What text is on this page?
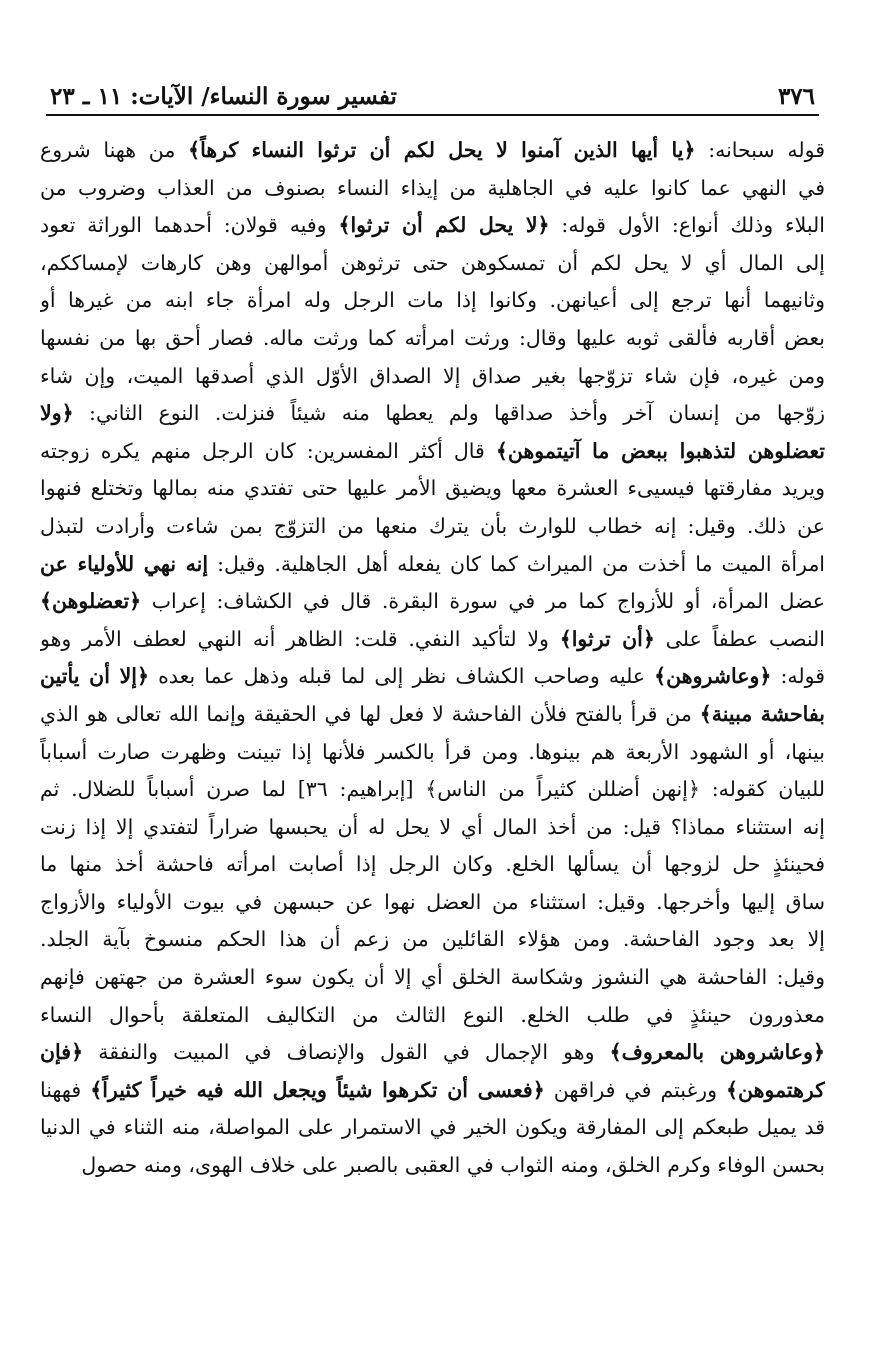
٣٧٦
تفسير سورة النساء/ الآيات: ١١ ـ ٢٣
قوله سبحانه: ﴿يا أيها الذين آمنوا لا يحل لكم أن ترثوا النساء كرهاً﴾ من ههنا شروع
في النهي عما كانوا عليه في الجاهلية من إيذاء النساء بصنوف من العذاب وضروب من
البلاء وذلك أنواع: الأول قوله: ﴿لا يحل لكم أن ترثوا﴾ وفيه قولان: أحدهما الوراثة تعود
إلى المال أي لا يحل لكم أن تمسكوهن حتى ترثوهن أموالهن وهن كارهات لإمساككم،
وثانيهما أنها ترجع إلى أعيانهن. وكانوا إذا مات الرجل وله امرأة جاء ابنه من غيرها أو
بعض أقاربه فألقى ثوبه عليها وقال: ورثت امرأته كما ورثت ماله. فصار أحق بها من نفسها
ومن غيره، فإن شاء تزوّجها بغير صداق إلا الصداق الأوّل الذي أصدقها الميت، وإن شاء
زوّجها من إنسان آخر وأخذ صداقها ولم يعطها منه شيئاً فنزلت. النوع الثاني: ﴿ولا
تعضلوهن لتذهبوا ببعض ما آتيتموهن﴾ قال أكثر المفسرين: كان الرجل منهم يكره زوجته
ويريد مفارقتها فيسيىء العشرة معها ويضيق الأمر عليها حتى تفتدي منه بمالها وتختلع فنهوا
عن ذلك. وقيل: إنه خطاب للوارث بأن يترك منعها من التزوّج بمن شاءت وأرادت لتبذل
امرأة الميت ما أخذت من الميراث كما كان يفعله أهل الجاهلية. وقيل: إنه نهي للأولياء عن
عضل المرأة، أو للأزواج كما مر في سورة البقرة. قال في الكشاف: إعراب ﴿تعضلوهن﴾
النصب عطفاً على ﴿أن ترثوا﴾ ولا لتأكيد النفي. قلت: الظاهر أنه النهي لعطف الأمر وهو
قوله: ﴿وعاشروهن﴾ عليه وصاحب الكشاف نظر إلى لما قبله وذهل عما بعده ﴿إلا أن يأتين
بفاحشة مبينة﴾ من قرأ بالفتح فلأن الفاحشة لا فعل لها في الحقيقة وإنما الله تعالى هو الذي
بينها، أو الشهود الأربعة هم بينوها. ومن قرأ بالكسر فلأنها إذا تبينت وظهرت صارت أسباباً
للبيان كقوله: ﴿إنهن أضللن كثيراً من الناس﴾ [إبراهيم: ٣٦] لما صرن أسباباً للضلال. ثم
إنه استثناء مماذا؟ قيل: من أخذ المال أي لا يحل له أن يحبسها ضراراً لتفتدي إلا إذا زنت
فحينئذٍ حل لزوجها أن يسألها الخلع. وكان الرجل إذا أصابت امرأته فاحشة أخذ منها ما
ساق إليها وأخرجها. وقيل: استثناء من العضل نهوا عن حبسهن في بيوت الأولياء والأزواج
إلا بعد وجود الفاحشة. ومن هؤلاء القائلين من زعم أن هذا الحكم منسوخ بآية الجلد.
وقيل: الفاحشة هي النشوز وشكاسة الخلق أي إلا أن يكون سوء العشرة من جهتهن فإنهم
معذورون حينئذٍ في طلب الخلع. النوع الثالث من التكاليف المتعلقة بأحوال النساء
﴿وعاشروهن بالمعروف﴾ وهو الإجمال في القول والإنصاف في المبيت والنفقة ﴿فإن
كرهتموهن﴾ ورغبتم في فراقهن ﴿فعسى أن تكرهوا شيئاً ويجعل الله فيه خيراً كثيراً﴾ فههنا
قد يميل طبعكم إلى المفارقة ويكون الخير في الاستمرار على المواصلة، منه الثناء في الدنيا
بحسن الوفاء وكرم الخلق، ومنه الثواب في العقبى بالصبر على خلاف الهوى، ومنه حصول
